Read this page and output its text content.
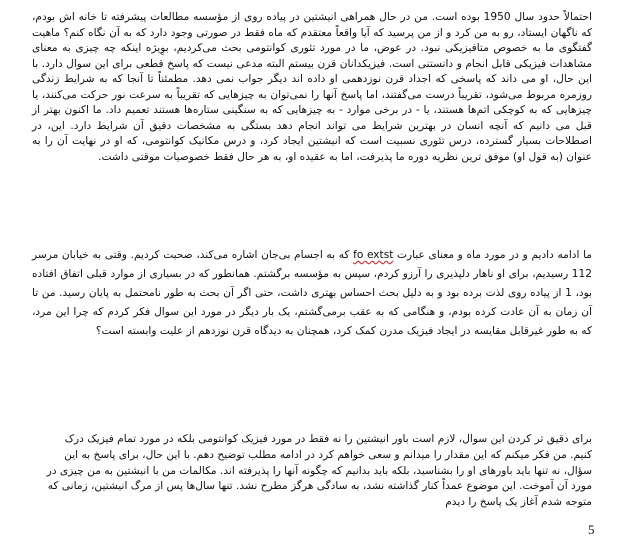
احتمالاً حدود سال 1950 بوده است. من در حال همراهی انیشتین در پیاده روی از مؤسسه مطالعات پیشرفته تا خانه اش بودم، که ناگهان ایستاد، رو به من کرد و از من پرسید که آیا واقعاً معتقدم که ماه فقط در صورتی وجود دارد که به آن نگاه کنم؟ ماهیت گفتگوی ما به خصوص متافیزیکی نبود. در عوض، ما در مورد تئوری کوانتومی بحث می‌کردیم، بوِیژه اینکه چه چیزی به معنای مشاهدات فیزیکی قابل انجام و دانستنی است. فیزیکدانان قرن بیستم البته مدعی نیست که پاسخ قطعی برای این سوال دارد. با این حال، او می داند که پاسخی که اجداد قرن نوزدهمی او داده اند دیگر جواب نمی دهد. مطمئناً تا آنجا که به شرایط زندگی روزمره مربوط می‌شود، تقریباً درست می‌گفتند، اما پاسخ آنها را نمی‌توان به چیزهایی که تقریباً به سرعت نور حرکت می‌کنند، یا چیزهایی که به کوچکی اتم‌ها هستند، یا - در برخی موارد - به چیزهایی که به سنگینی ستاره‌ها هستند تعمیم داد. ما اکنون بهتر از قبل می دانیم که آنچه انسان در بهترین شرایط می تواند انجام دهد بستگی به مشخصات دقیق آن شرایط دارد. این، در اصطلاحات بسیار گسترده، درس تئوری نسبیت است که انیشتین ایجاد کرد، و درس مکانیک کوانتومی، که او در نهایت آن را به عنوان (به قول او) موفق ترین نظریه دوره ما پذیرفت، اما به عقیده او، به هر حال فقط خصوصیات موقتی داشت.

ما ادامه دادیم و در مورد ماه و معنای عبارت fo extst که به اجسام بی‌جان اشاره می‌کند، صحبت کردیم. وقتی به خیابان مرسر 112 رسیدیم، برای او ناهار دلپذیری را آرزو کردم، سپس به مؤسسه برگشتم. همانطور که در بسیاری از موارد قبلی اتفاق افتاده بود، 1 از پیاده روی لذت برده بود و به دلیل بحث احساس بهتری داشت، حتی اگر آن بحث به طور نامحتمل به پایان رسید. من تا آن زمان به آن عادت کرده بودم، و هنگامی که به عقب برمی‌گشتم، یک بار دیگر در مورد این سوال فکر کردم که چرا این مرد، که به طور غیرقابل مقایسه در ایجاد فیزیک مدرن کمک کرد، همچنان به دیدگاه قرن نوزدهم از علیت وابسته است؟

برای دقیق تر کردن این سوال، لازم است باور انیشتین را نه فقط در مورد فیزیک کوانتومی بلکه در مورد تمام فیزیک درک
کنیم. من فکر میکنم که این مقدار را میدانم و سعی خواهم کرد در ادامه مطلب توضیح دهم. با این حال، برای پاسخ به این
سؤال، نه تنها باید باورهای او را بشناسید، بلکه باید بدانیم که چگونه آنها را پذیرفته اند. مکالمات من با انیشتین به من چیزی در
مورد آن آموخت. این موضوع عمداً کنار گذاشته نشد، به سادگی هرگز مطرح نشد. تنها سال‌ها پس از مرگ انیشتین، زمانی که
متوجه شدم آغاز یک پاسخ را دیدم

5
